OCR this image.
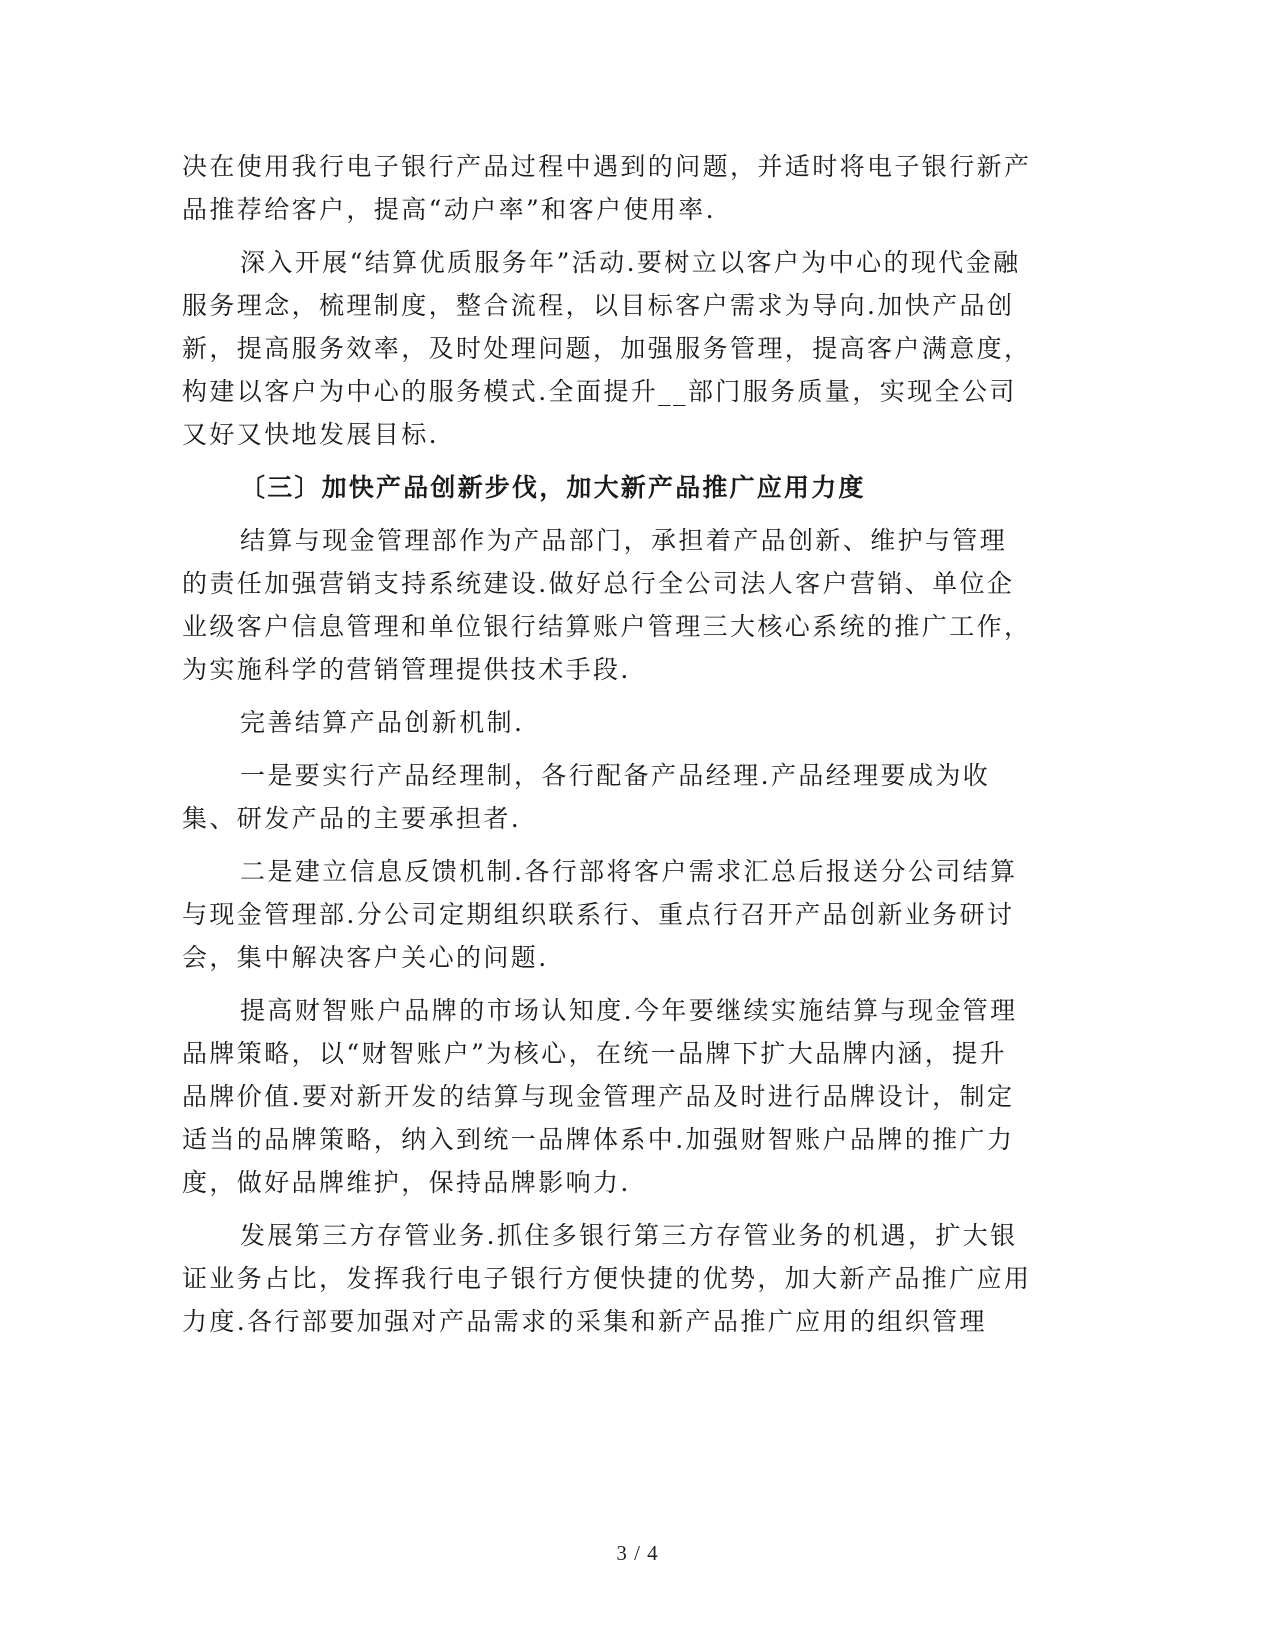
决在使用我行电子银行产品过程中遇到的问题，并适时将电子银行新产品推荐给客户，提高“动户率”和客户使用率.

深入开展“结算优质服务年”活动.要树立以客户为中心的现代金融服务理念，梳理制度，整合流程，以目标客户需求为导向.加快产品创新，提高服务效率，及时处理问题，加强服务管理，提高客户满意度，构建以客户为中心的服务模式.全面提升__部门服务质量，实现全公司又好又快地发展目标.

〔三〕加快产品创新步伐，加大新产品推广应用力度

结算与现金管理部作为产品部门，承担着产品创新、维护与管理的责任加强营销支持系统建设.做好总行全公司法人客户营销、单位企业级客户信息管理和单位银行结算账户管理三大核心系统的推广工作，为实施科学的营销管理提供技术手段.

完善结算产品创新机制.

一是要实行产品经理制，各行配备产品经理.产品经理要成为收集、研发产品的主要承担者.

二是建立信息反馈机制.各行部将客户需求汇总后报送分公司结算与现金管理部.分公司定期组织联系行、重点行召开产品创新业务研讨会，集中解决客户关心的问题.

提高财智账户品牌的市场认知度.今年要继续实施结算与现金管理品牌策略，以“财智账户”为核心，在统一品牌下扩大品牌内涵，提升品牌价值.要对新开发的结算与现金管理产品及时进行品牌设计，制定适当的品牌策略，纳入到统一品牌体系中.加强财智账户品牌的推广力度，做好品牌维护，保持品牌影响力.

发展第三方存管业务.抓住多银行第三方存管业务的机遇，扩大银证业务占比，发挥我行电子银行方便快捷的优势，加大新产品推广应用力度.各行部要加强对产品需求的采集和新产品推广应用的组织管理

3 / 4
